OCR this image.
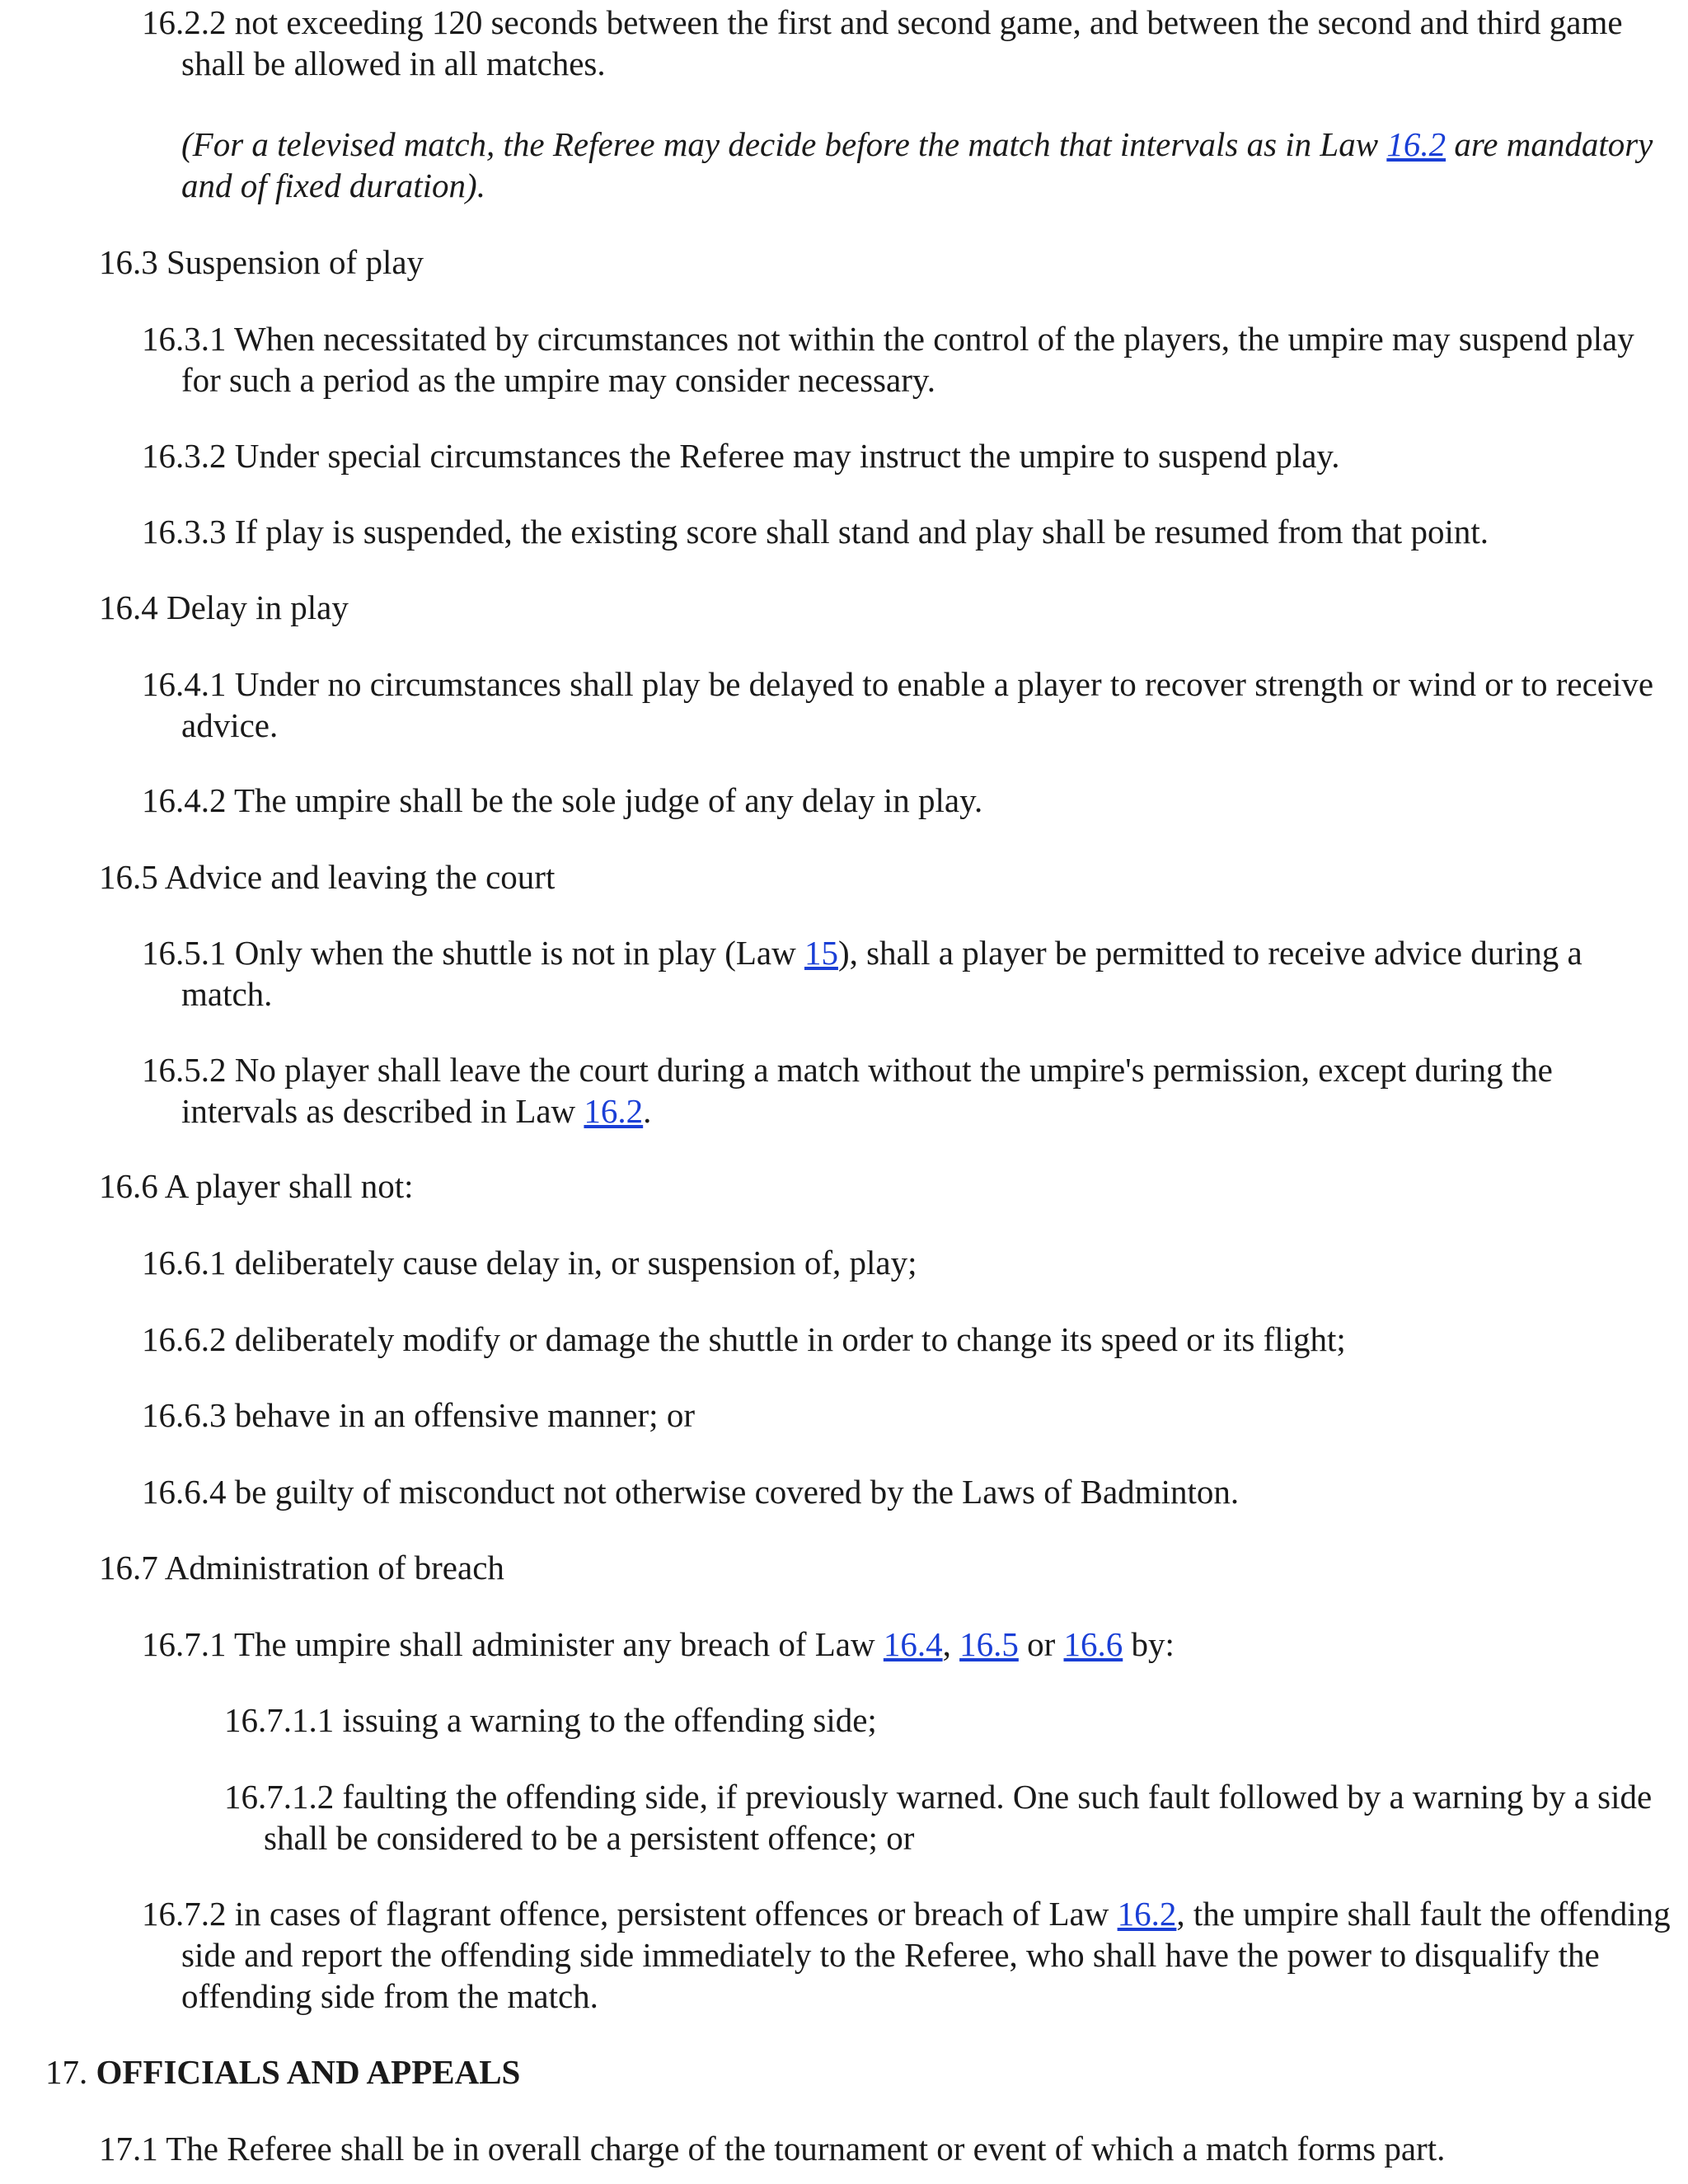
16.2.2 not exceeding 120 seconds between the first and second game, and between the second and third game shall be allowed in all matches.

(For a televised match, the Referee may decide before the match that intervals as in Law 16.2 are mandatory and of fixed duration).

16.3 Suspension of play

16.3.1 When necessitated by circumstances not within the control of the players, the umpire may suspend play for such a period as the umpire may consider necessary.

16.3.2 Under special circumstances the Referee may instruct the umpire to suspend play.

16.3.3 If play is suspended, the existing score shall stand and play shall be resumed from that point.

16.4 Delay in play

16.4.1 Under no circumstances shall play be delayed to enable a player to recover strength or wind or to receive advice.

16.4.2 The umpire shall be the sole judge of any delay in play.

16.5 Advice and leaving the court

16.5.1 Only when the shuttle is not in play (Law 15), shall a player be permitted to receive advice during a match.

16.5.2 No player shall leave the court during a match without the umpire's permission, except during the intervals as described in Law 16.2.

16.6 A player shall not:

16.6.1 deliberately cause delay in, or suspension of, play;

16.6.2 deliberately modify or damage the shuttle in order to change its speed or its flight;

16.6.3 behave in an offensive manner; or

16.6.4 be guilty of misconduct not otherwise covered by the Laws of Badminton.

16.7 Administration of breach

16.7.1 The umpire shall administer any breach of Law 16.4, 16.5 or 16.6 by:

16.7.1.1 issuing a warning to the offending side;

16.7.1.2 faulting the offending side, if previously warned. One such fault followed by a warning by a side shall be considered to be a persistent offence; or

16.7.2 in cases of flagrant offence, persistent offences or breach of Law 16.2, the umpire shall fault the offending side and report the offending side immediately to the Referee, who shall have the power to disqualify the offending side from the match.

17. OFFICIALS AND APPEALS

17.1 The Referee shall be in overall charge of the tournament or event of which a match forms part.
